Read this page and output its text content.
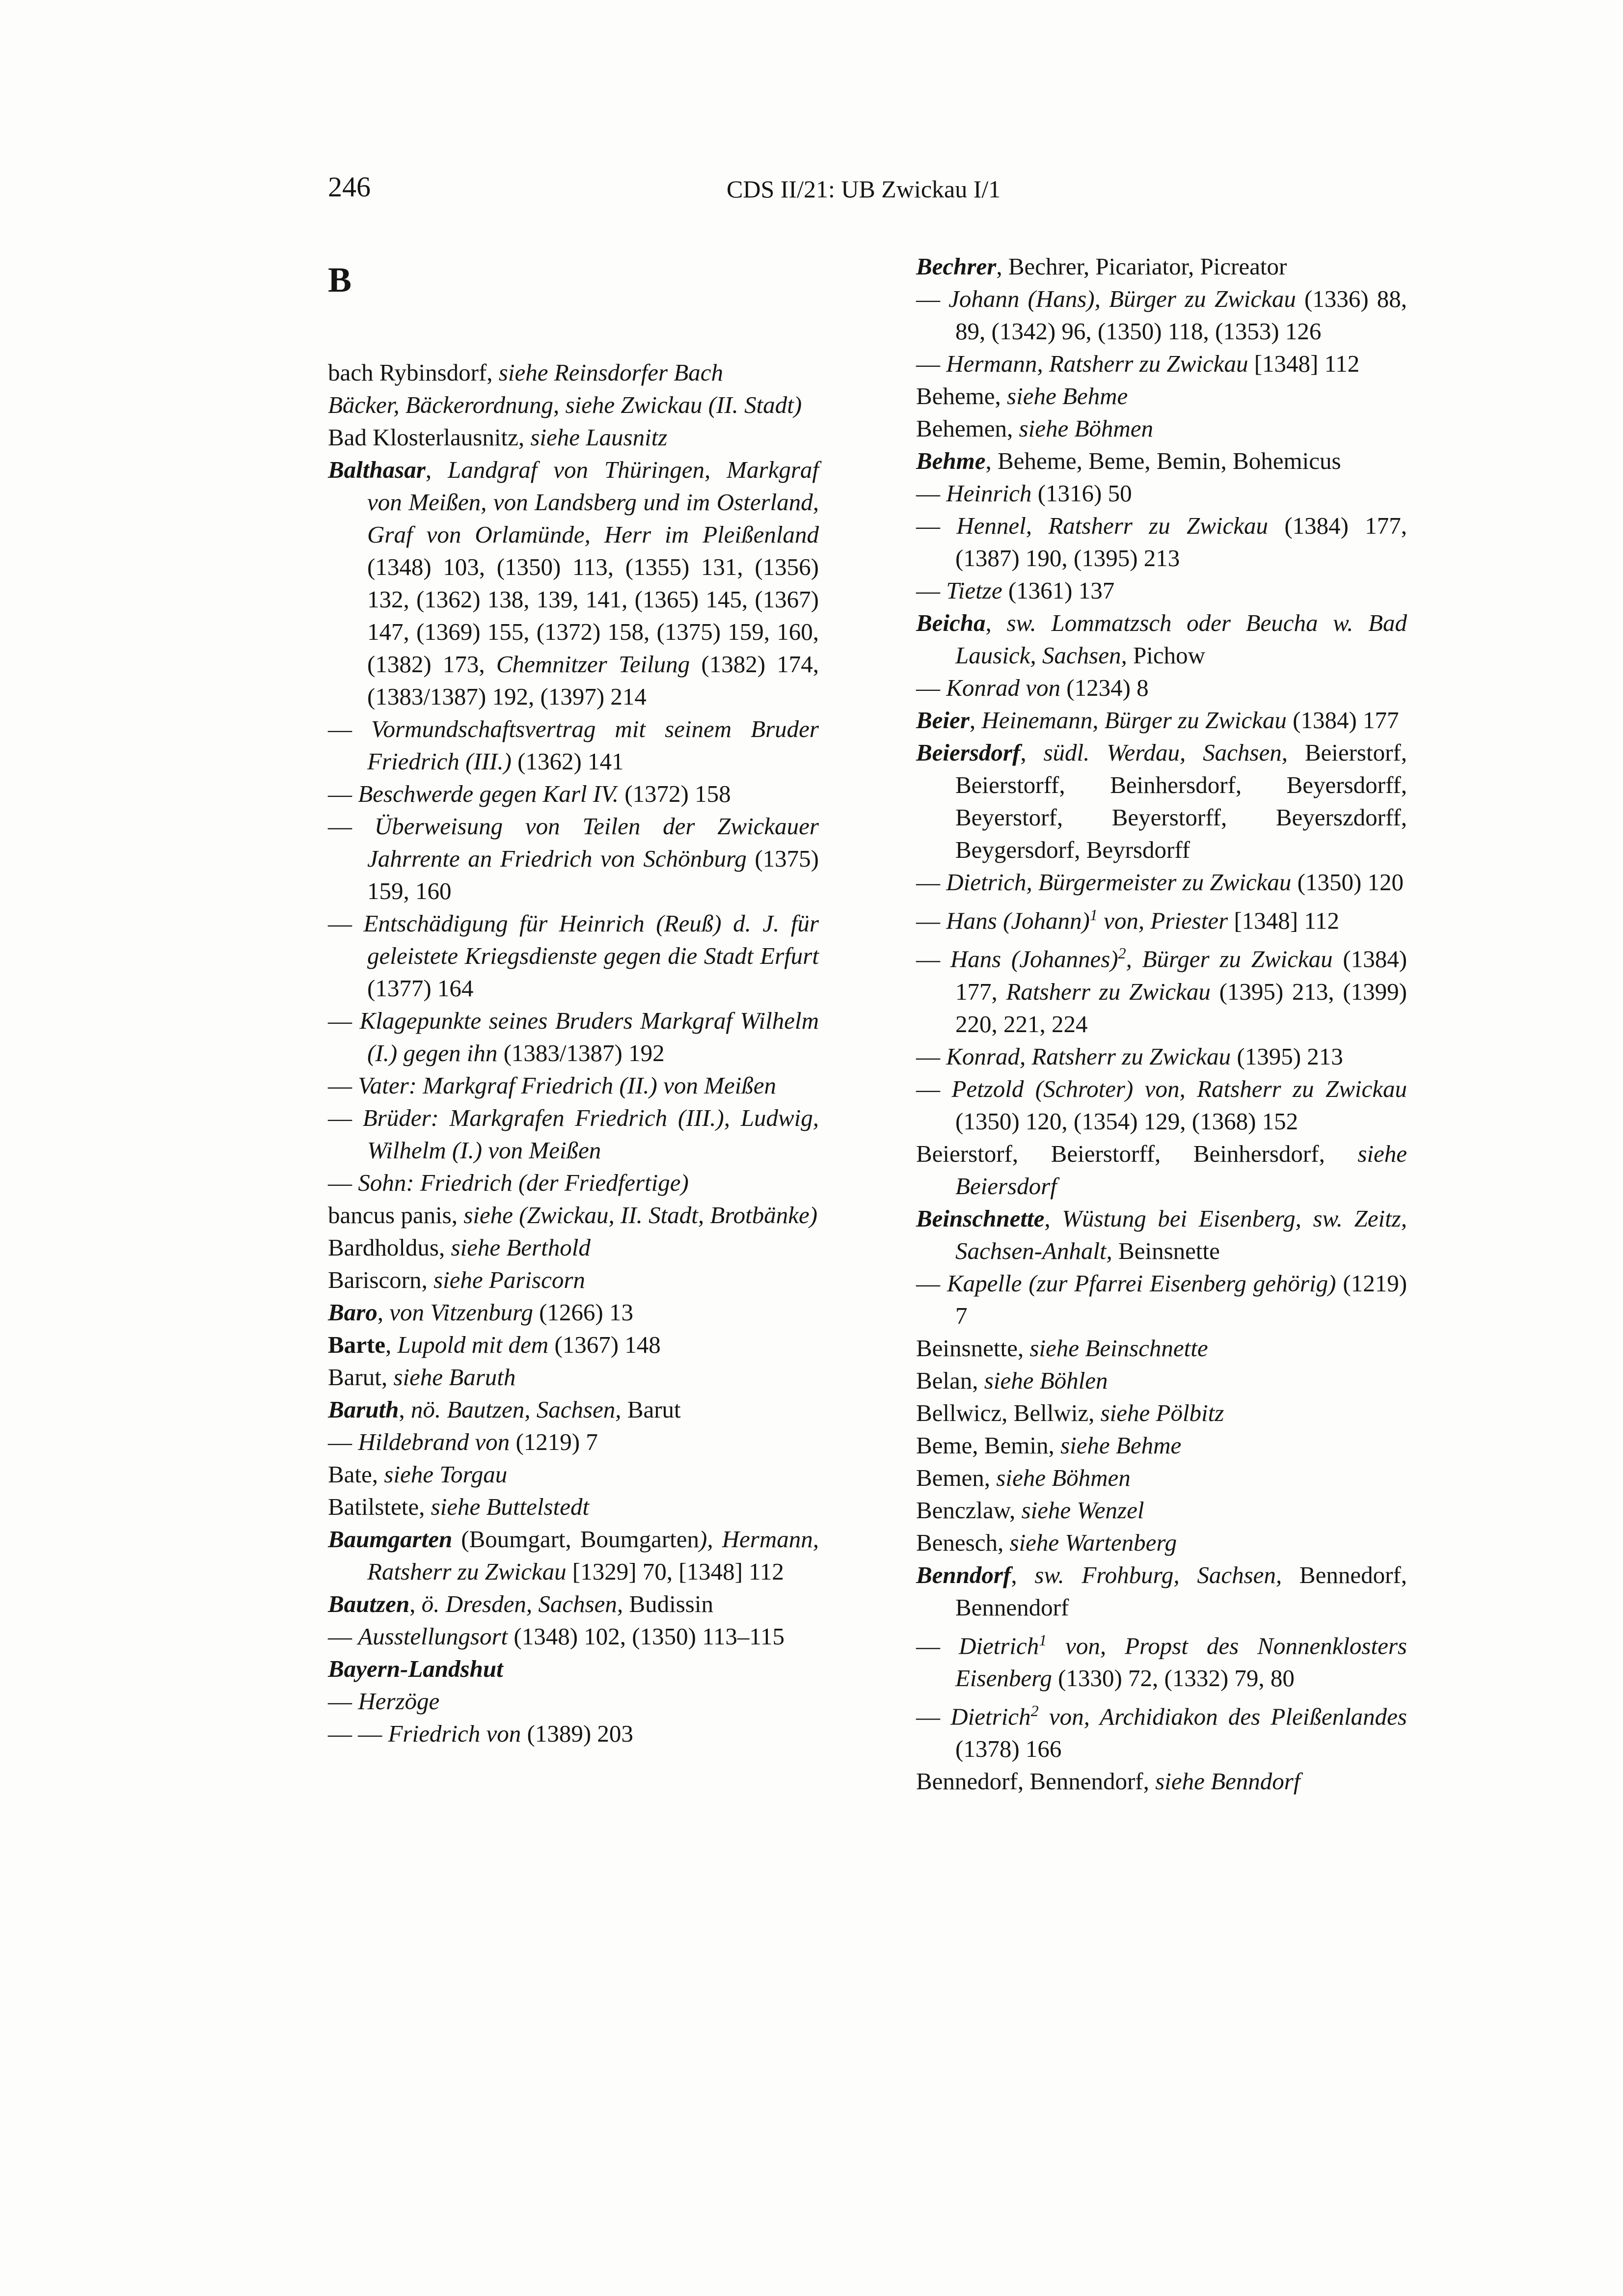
246	CDS II/21: UB Zwickau I/1
B
bach Rybinsdorf, siehe Reinsdorfer Bach
Bäcker, Bäckerordnung, siehe Zwickau (II. Stadt)
Bad Klosterlausnitz, siehe Lausnitz
Balthasar, Landgraf von Thüringen, Markgraf von Meißen, von Landsberg und im Osterland, Graf von Orlamünde, Herr im Pleißenland (1348) 103, (1350) 113, (1355) 131, (1356) 132, (1362) 138, 139, 141, (1365) 145, (1367) 147, (1369) 155, (1372) 158, (1375) 159, 160, (1382) 173, Chemnitzer Teilung (1382) 174, (1383/1387) 192, (1397) 214
— Vormundschaftsvertrag mit seinem Bruder Friedrich (III.) (1362) 141
— Beschwerde gegen Karl IV. (1372) 158
— Überweisung von Teilen der Zwickauer Jahrrente an Friedrich von Schönburg (1375) 159, 160
— Entschädigung für Heinrich (Reuß) d. J. für geleistete Kriegsdienste gegen die Stadt Erfurt (1377) 164
— Klagepunkte seines Bruders Markgraf Wilhelm (I.) gegen ihn (1383/1387) 192
— Vater: Markgraf Friedrich (II.) von Meißen
— Brüder: Markgrafen Friedrich (III.), Ludwig, Wilhelm (I.) von Meißen
— Sohn: Friedrich (der Friedfertige)
bancus panis, siehe (Zwickau, II. Stadt, Brotbänke)
Bardholdus, siehe Berthold
Bariscorn, siehe Pariscorn
Baro, von Vitzenburg (1266) 13
Barte, Lupold mit dem (1367) 148
Barut, siehe Baruth
Baruth, nö. Bautzen, Sachsen, Barut
— Hildebrand von (1219) 7
Bate, siehe Torgau
Batilstete, siehe Buttelstedt
Baumgarten (Boumgart, Boumgarten), Hermann, Ratsherr zu Zwickau [1329] 70, [1348] 112
Bautzen, ö. Dresden, Sachsen, Budissin
— Ausstellungsort (1348) 102, (1350) 113–115
Bayern-Landshut
— Herzöge
— — Friedrich von (1389) 203
Bechrer, Bechrer, Picariator, Picreator
— Johann (Hans), Bürger zu Zwickau (1336) 88, 89, (1342) 96, (1350) 118, (1353) 126
— Hermann, Ratsherr zu Zwickau [1348] 112
Beheme, siehe Behme
Behemen, siehe Böhmen
Behme, Beheme, Beme, Bemin, Bohemicus
— Heinrich (1316) 50
— Hennel, Ratsherr zu Zwickau (1384) 177, (1387) 190, (1395) 213
— Tietze (1361) 137
Beicha, sw. Lommatzsch oder Beucha w. Bad Lausick, Sachsen, Pichow
— Konrad von (1234) 8
Beier, Heinemann, Bürger zu Zwickau (1384) 177
Beiersdorf, südl. Werdau, Sachsen, Beierstorf, Beierstorff, Beinhersdorf, Beyersdorff, Beyerstorf, Beyerstorff, Beyerszdorff, Beygersdorf, Beyrsdorff
— Dietrich, Bürgermeister zu Zwickau (1350) 120
— Hans (Johann)$^1$ von, Priester [1348] 112
— Hans (Johannes)$^2$, Bürger zu Zwickau (1384) 177, Ratsherr zu Zwickau (1395) 213, (1399) 220, 221, 224
— Konrad, Ratsherr zu Zwickau (1395) 213
— Petzold (Schroter) von, Ratsherr zu Zwickau (1350) 120, (1354) 129, (1368) 152
Beierstorf, Beierstorff, Beinhersdorf, siehe Beiersdorf
Beinschnette, Wüstung bei Eisenberg, sw. Zeitz, Sachsen-Anhalt, Beinsnette
— Kapelle (zur Pfarrei Eisenberg gehörig) (1219) 7
Beinsnette, siehe Beinschnette
Belan, siehe Böhlen
Bellwicz, Bellwiz, siehe Pölbitz
Beme, Bemin, siehe Behme
Bemen, siehe Böhmen
Benczlaw, siehe Wenzel
Benesch, siehe Wartenberg
Benndorf, sw. Frohburg, Sachsen, Bennedorf, Bennendorf
— Dietrich$^1$ von, Propst des Nonnenklosters Eisenberg (1330) 72, (1332) 79, 80
— Dietrich$^2$ von, Archidiakon des Pleißenlandes (1378) 166
Bennedorf, Bennendorf, siehe Benndorf
